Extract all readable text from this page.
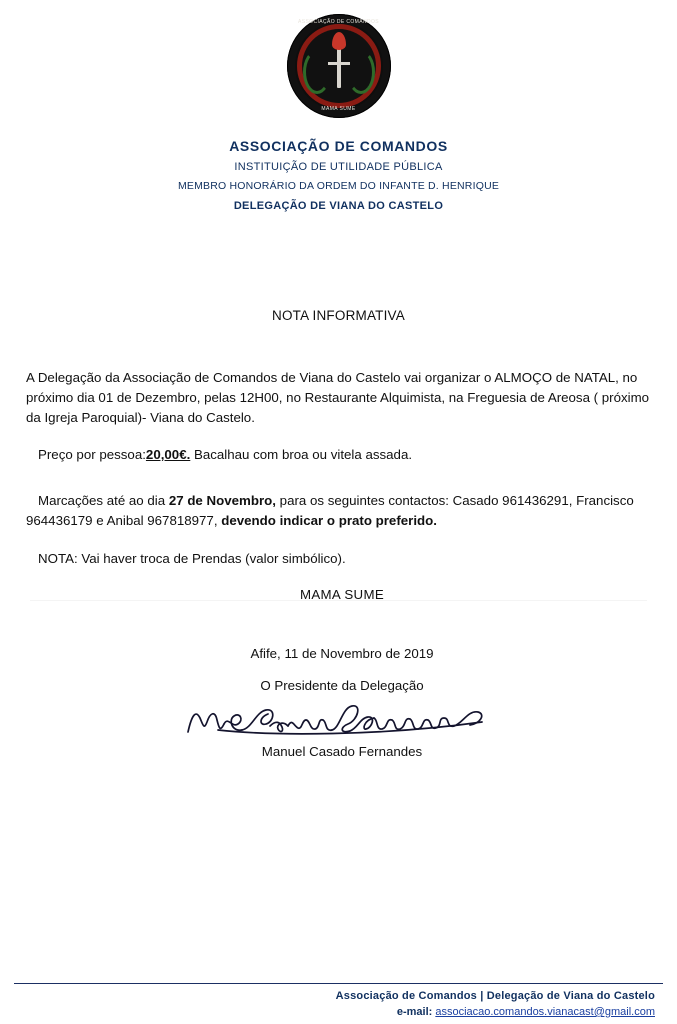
ASSOCIAÇÃO DE COMANDOS
MAMA SUME
ASSOCIAÇÃO DE COMANDOS
INSTITUIÇÃO DE UTILIDADE PÚBLICA
MEMBRO HONORÁRIO DA ORDEM DO INFANTE D. HENRIQUE
DELEGAÇÃO DE VIANA DO CASTELO
NOTA INFORMATIVA

A Delegação da Associação de Comandos de Viana do Castelo vai organizar o ALMOÇO de NATAL, no próximo dia 01 de Dezembro, pelas 12H00, no Restaurante Alquimista, na Freguesia de Areosa ( próximo da Igreja Paroquial)- Viana do Castelo.

Preço por pessoa:20,00€. Bacalhau com broa ou vitela assada.

Marcações até ao dia 27 de Novembro, para os seguintes contactos: Casado 961436291, Francisco 964436179 e Anibal 967818977, devendo indicar o prato preferido.

NOTA: Vai haver troca de Prendas (valor simbólico).

MAMA SUME
Afife, 11 de Novembro de 2019
O Presidente da Delegação
Manuel Casado Fernandes
Associação de Comandos | Delegação de Viana do Castelo
e-mail: associacao.comandos.vianacast@gmail.com
